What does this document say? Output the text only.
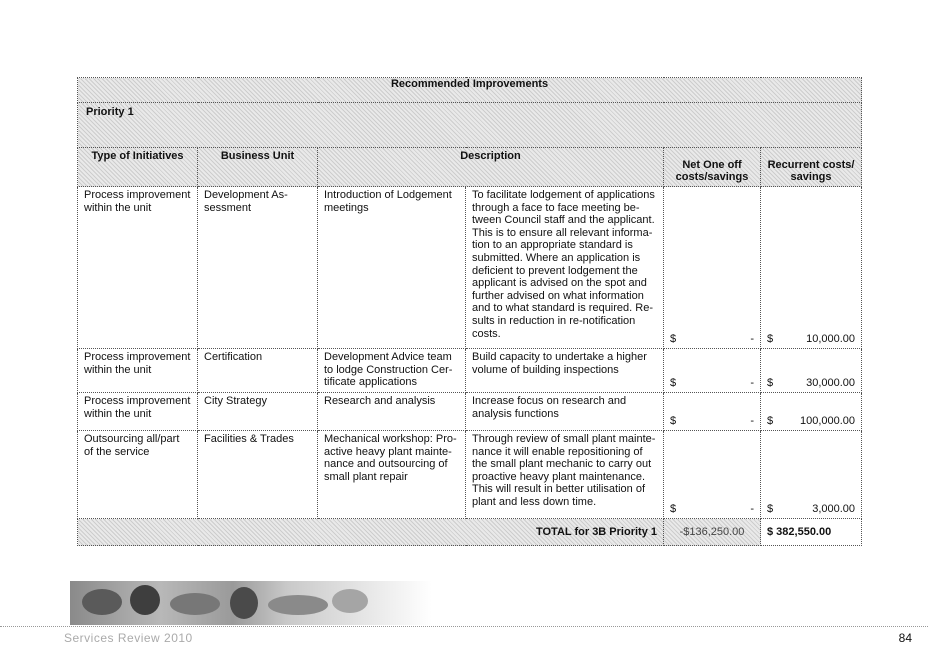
Recommended Improvements					
Priority 1					
Type of Initiatives	Business Unit	Description		Net One off costs/savings	Recurrent costs/ savings
Process improvement within the unit	Development As-sessment	Introduction of Lodgement meetings	To facilitate lodgement of applications through a face to face meeting be-tween Council staff and the applicant. This is to ensure all relevant informa-tion to an appropriate standard is submitted. Where an application is deficient to prevent lodgement the applicant is advised on the spot and further advised on what information and to what standard is required. Re-sults in reduction in re-notification costs.	$ -	$ 10,000.00

Process improvement within the unit	Certification	Development Advice team to lodge Construction Cer-tificate applications	Build capacity to undertake a higher volume of building inspections	$ -	$ 30,000.00

Process improvement within the unit	City Strategy	Research and analysis	Increase focus on research and analysis functions	$ -	$ 100,000.00

Outsourcing all/part of the service	Facilities & Trades	Mechanical workshop: Pro-active heavy plant mainte-nance and outsourcing of small plant repair	Through review of small plant mainte-nance it will enable repositioning of the small plant mechanic to carry out proactive heavy plant maintenance. This will result in better utilisation of plant and less down time.	$ -	$ 3,000.00

TOTAL for 3B Priority 1				-$136,250.00	$ 382,550.00
Services Review 2010	84
